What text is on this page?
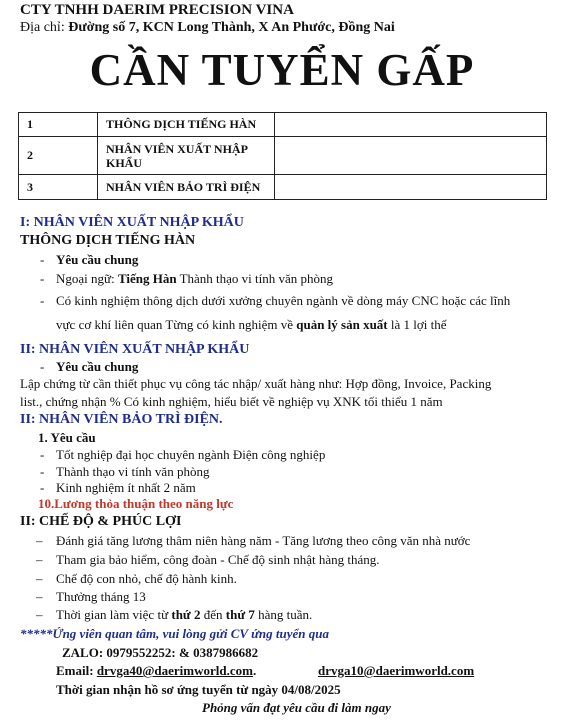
CTY TNHH DAERIM PRECISION VINA
Địa chỉ: Đường số 7, KCN Long Thành, X An Phước, Đồng Nai
CẦN TUYỂN GẤP
1	THÔNG DỊCH TIẾNG HÀN	
2	NHÂN VIÊN XUẤT NHẬP KHẨU	
3	NHÂN VIÊN BẢO TRÌ ĐIỆN	
I: NHÂN VIÊN XUẤT NHẬP KHẨU
THÔNG DỊCH TIẾNG HÀN
- Yêu cầu chung
- Ngoại ngữ: Tiếng Hàn Thành thạo vi tính văn phòng
- Có kinh nghiệm thông dịch dưới xưởng chuyên ngành về dòng máy CNC hoặc các lĩnh
vực cơ khí liên quan Từng có kinh nghiệm về quản lý sản xuất là 1 lợi thế
II: NHÂN VIÊN XUẤT NHẬP KHẨU
- Yêu cầu chung
Lập chứng từ cần thiết phục vụ công tác nhập/ xuất hàng như: Hợp đồng, Invoice, Packing
list., chứng nhận % Có kinh nghiệm, hiểu biết về nghiệp vụ XNK tối thiểu 1 năm
II: NHÂN VIÊN BẢO TRÌ ĐIỆN.
1. Yêu cầu
- Tốt nghiệp đại học chuyên ngành Điện công nghiệp
- Thành thạo vi tính văn phòng
- Kinh nghiệm ít nhất 2 năm
10.Lương thỏa thuận theo năng lực
II: CHẾ ĐỘ & PHÚC LỢI
– Đánh giá tăng lương thâm niên hàng năm - Tăng lương theo công văn nhà nước
– Tham gia bảo hiểm, công đoàn - Chế độ sinh nhật hàng tháng.
– Chế độ con nhỏ, chế độ hành kinh.
– Thưởng tháng 13
– Thời gian làm việc từ thứ 2 đến thứ 7 hàng tuần.
*****Ứng viên quan tâm, vui lòng gửi CV ứng tuyển qua
ZALO: 0979552252: & 0387986682
Email: drvga40@daerimworld.com.	drvga10@daerimworld.com
Thời gian nhận hồ sơ ứng tuyển từ ngày 04/08/2025
Phỏng vấn đạt yêu cầu đi làm ngay
